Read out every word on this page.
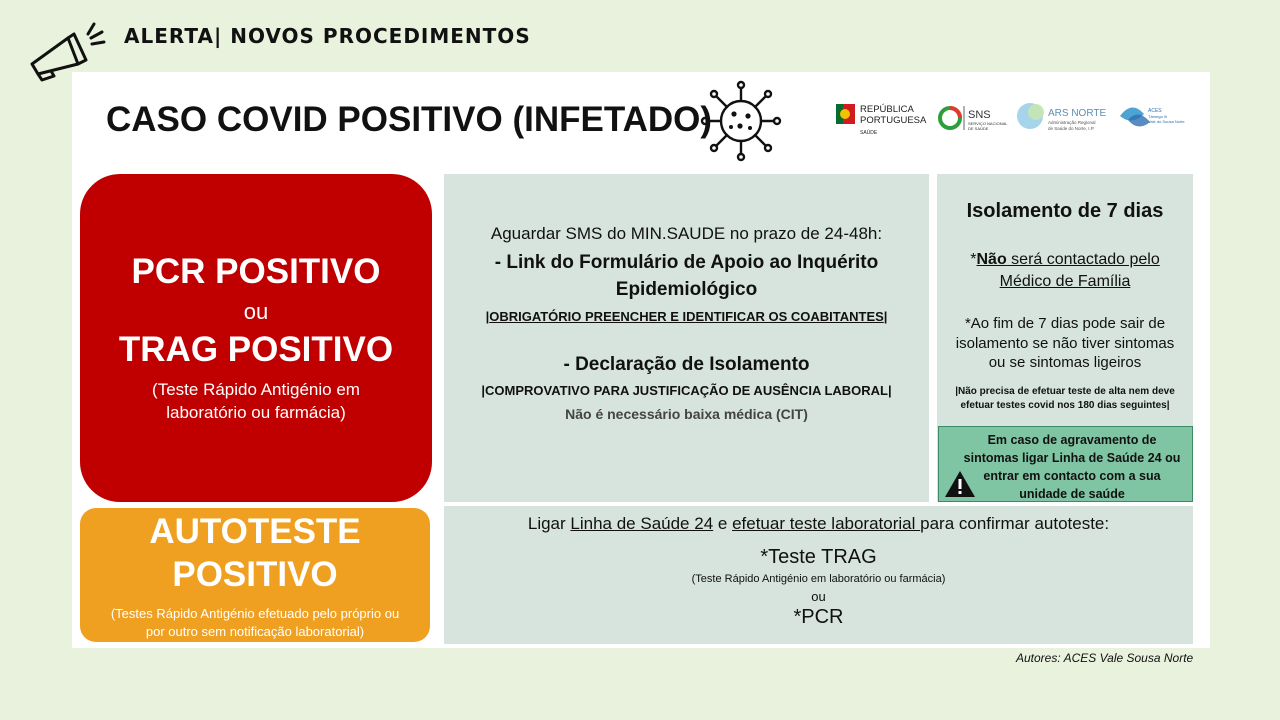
ALERTA| NOVOS PROCEDIMENTOS
CASO COVID POSITIVO (INFETADO)	REPÚBLICA
PORTUGUESA
SAÚDE
SNS
SERVIÇO NACIONAL
DE SAÚDE
ARS NORTE
Administração Regional
de Saúde do Norte, I.P.
ACES
Tâmega III
Vale do Sousa Norte
PCR POSITIVO
ou
TRAG POSITIVO
(Teste Rápido Antigénio em
laboratório ou farmácia)
AUTOTESTE
POSITIVO
(Testes Rápido Antigénio efetuado pelo próprio ou
por outro sem notificação laboratorial)
Aguardar SMS do MIN.SAUDE no prazo de 24-48h:
- Link do Formulário de Apoio ao Inquérito
Epidemiológico
|OBRIGATÓRIO PREENCHER E IDENTIFICAR OS COABITANTES|
- Declaração de Isolamento
|COMPROVATIVO PARA JUSTIFICAÇÃO DE AUSÊNCIA LABORAL|
Não é necessário baixa médica (CIT)
Isolamento de 7 dias
*Não será contactado pelo
Médico de Família
*Ao fim de 7 dias pode sair de
isolamento se não tiver sintomas
ou se sintomas ligeiros
|Não precisa de efetuar teste de alta nem deve
efetuar testes covid nos 180 dias seguintes|
Em caso de agravamento de
sintomas ligar Linha de Saúde 24 ou
entrar em contacto com a sua
unidade de saúde
Ligar Linha de Saúde 24 e efetuar teste laboratorial para confirmar autoteste:
*Teste TRAG
(Teste Rápido Antigénio em laboratório ou farmácia)
ou
*PCR
Autores: ACES Vale Sousa Norte
